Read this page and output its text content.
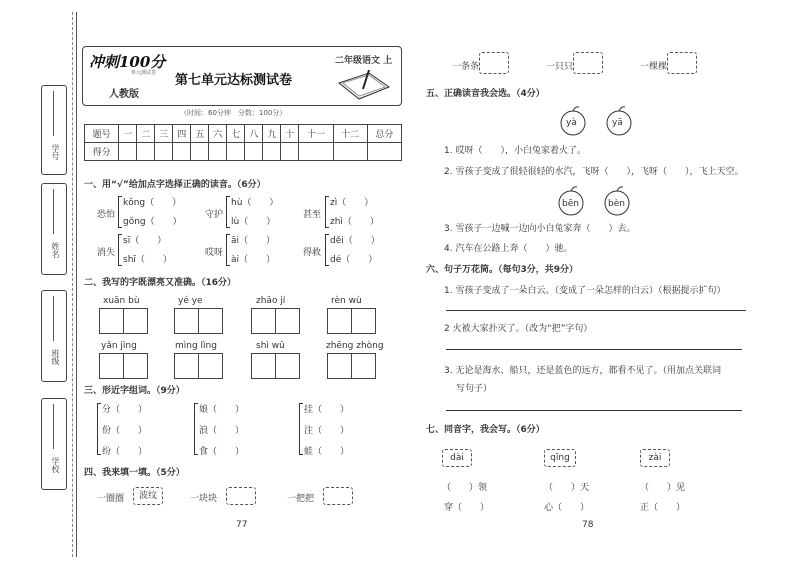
学号
姓名
班级
学校
冲刺100分
单元测试卷 第七单元达标测试卷
二年级语文 上
人教版
（时间：60分钟　分数：100分）
题号	一	二	三	四	五	六	七	八	九	十	十一	十二	总分
得分													
一、用“√”给加点字选择正确的读音。（6分）
恐怕
kǒng（　　）
gǒng（　　）
守护
hù（　　）
lù（　　）
甚至
zì（　　）
zhì（　　）
消失
sī（　　）
shī（　　）
哎呀
āi（　　）
ài（　　）
得救
děi（　　）
dé（　　）
二、我写的字既漂亮又准确。（16分）
xuān bù	yé ye	zhāo jí	rèn wù
yǎn jìng	mìng lìng	shì wǔ	zhēng zhòng
三、形近字组词。（9分）
分（　　）
份（　　）
纷（　　）
娘（　　）
浪（　　）
食（　　）
挂（　　）
注（　　）
蛙（　　）
四、我来填一填。（5分）
一圈圈	波纹	一块块	一把把
77
一条条	一只只	一棵棵
五、正确读音我会选。（4分）
yà	yā
1. 哎呀（　　），小白兔家着火了。
2. 雪孩子变成了很轻很轻的水汽，飞呀（　　），飞呀（　　），飞上天空。
bēn	bèn
3. 雪孩子一边喊一边向小白兔家奔（　　）去。
4. 汽车在公路上奔（　　）驰。
六、句子万花筒。（每句3分，共9分）
1. 雪孩子变成了一朵白云。（变成了一朵怎样的白云）（根据提示扩句）
2 火被大家扑灭了。（改为“把”字句）
3. 无论是海水、船只，还是蓝色的远方，都看不见了。（用加点关联词
写句子）
七、同音字，我会写。（6分）
dài	qīng	zài
（　　）领	（　　）天	（　　）见
穿（　　）	心（　　）	正（　　）
78
